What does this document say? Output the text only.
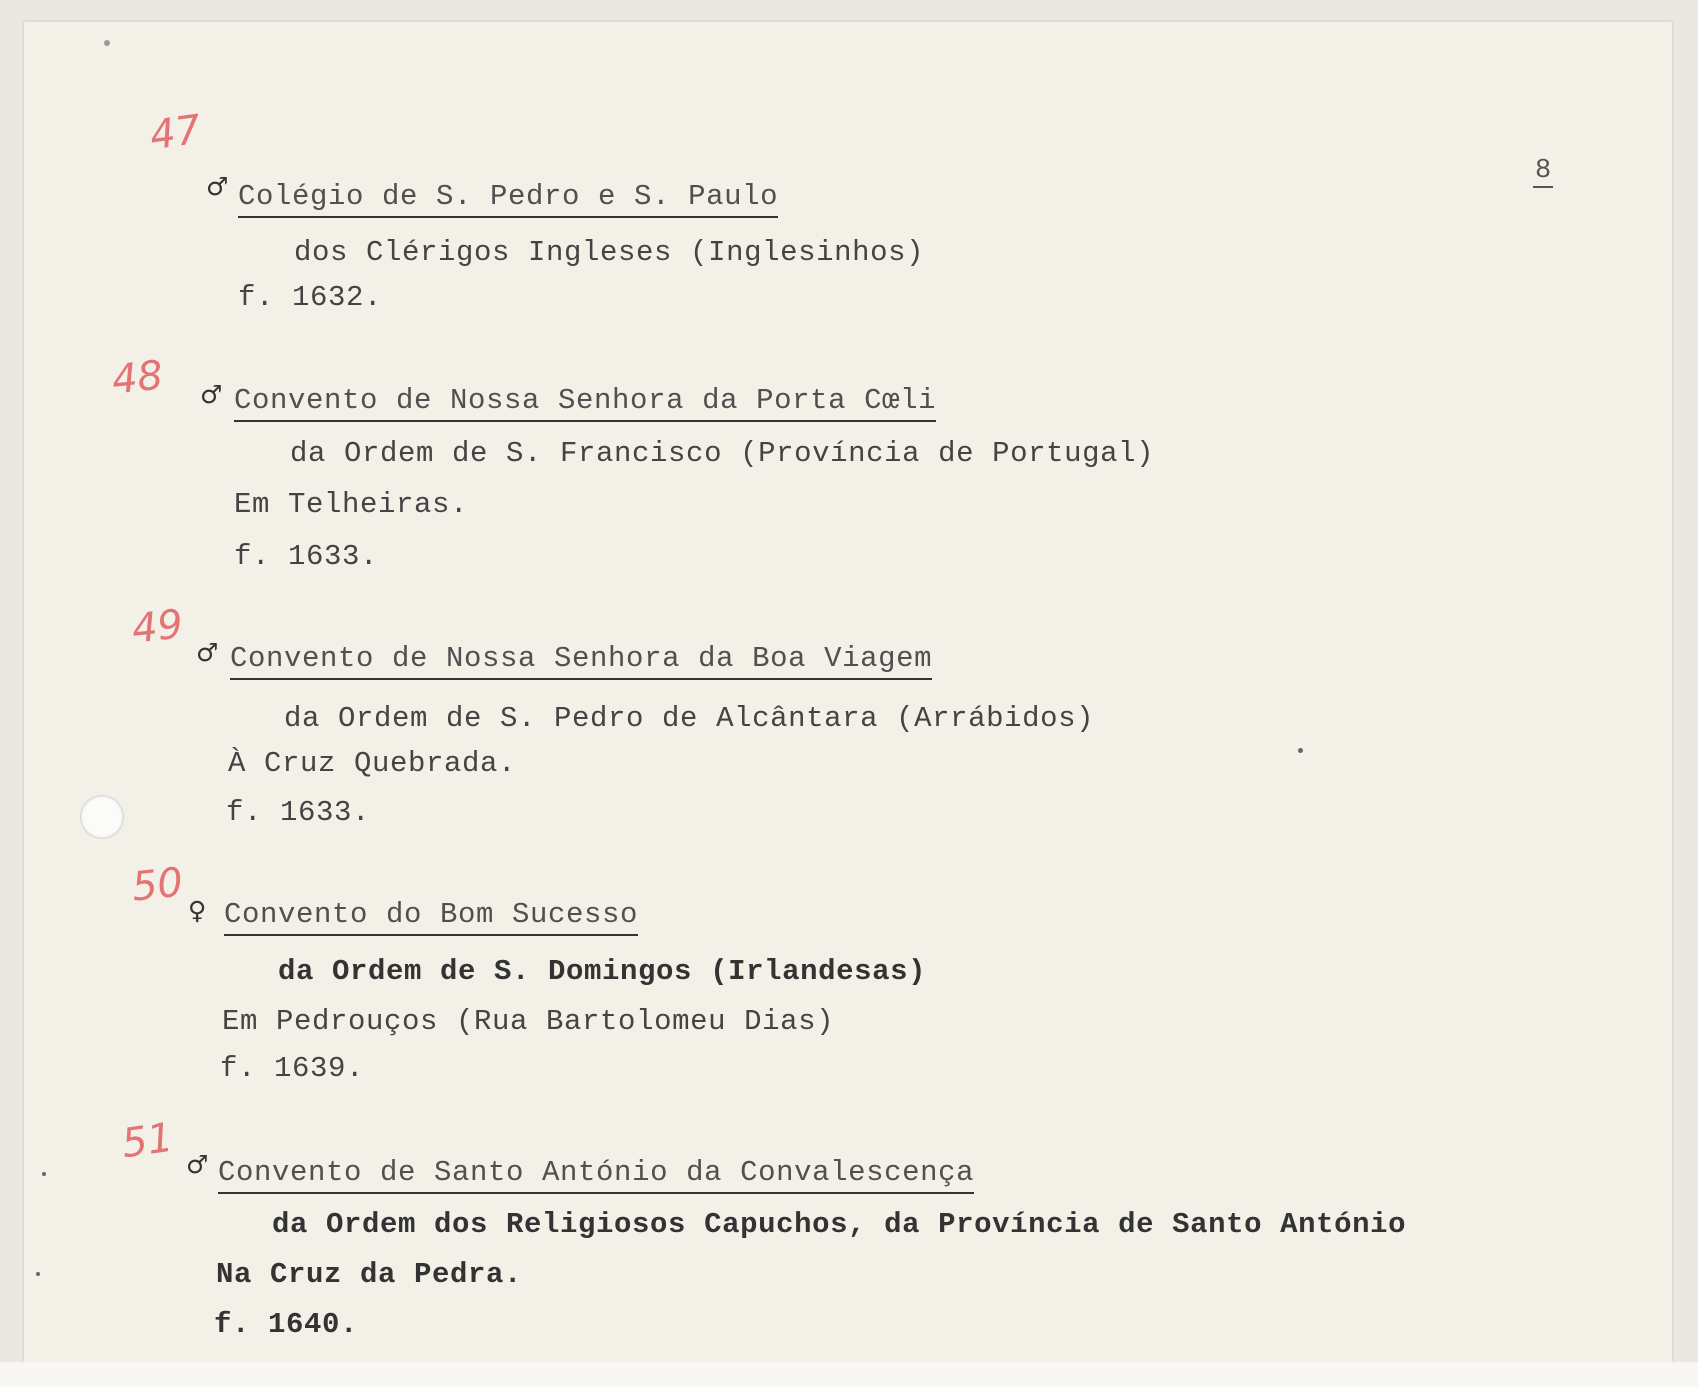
8
47
♂ Colégio de S. Pedro e S. Paulo
dos Clérigos Ingleses (Inglesinhos)
f. 1632.
48 ♂ Convento de Nossa Senhora da Porta Cœli
da Ordem de S. Francisco (Província de Portugal)
Em Telheiras.
f. 1633.
49 ♂ Convento de Nossa Senhora da Boa Viagem
da Ordem de S. Pedro de Alcântara (Arrábidos)
À Cruz Quebrada.
f. 1633.
50 ♀ Convento do Bom Sucesso
da Ordem de S. Domingos (Irlandesas)
Em Pedrouços (Rua Bartolomeu Dias)
f. 1639.
51 ♂ Convento de Santo António da Convalescença
da Ordem dos Religiosos Capuchos, da Província de Santo António
Na Cruz da Pedra.
f. 1640.
